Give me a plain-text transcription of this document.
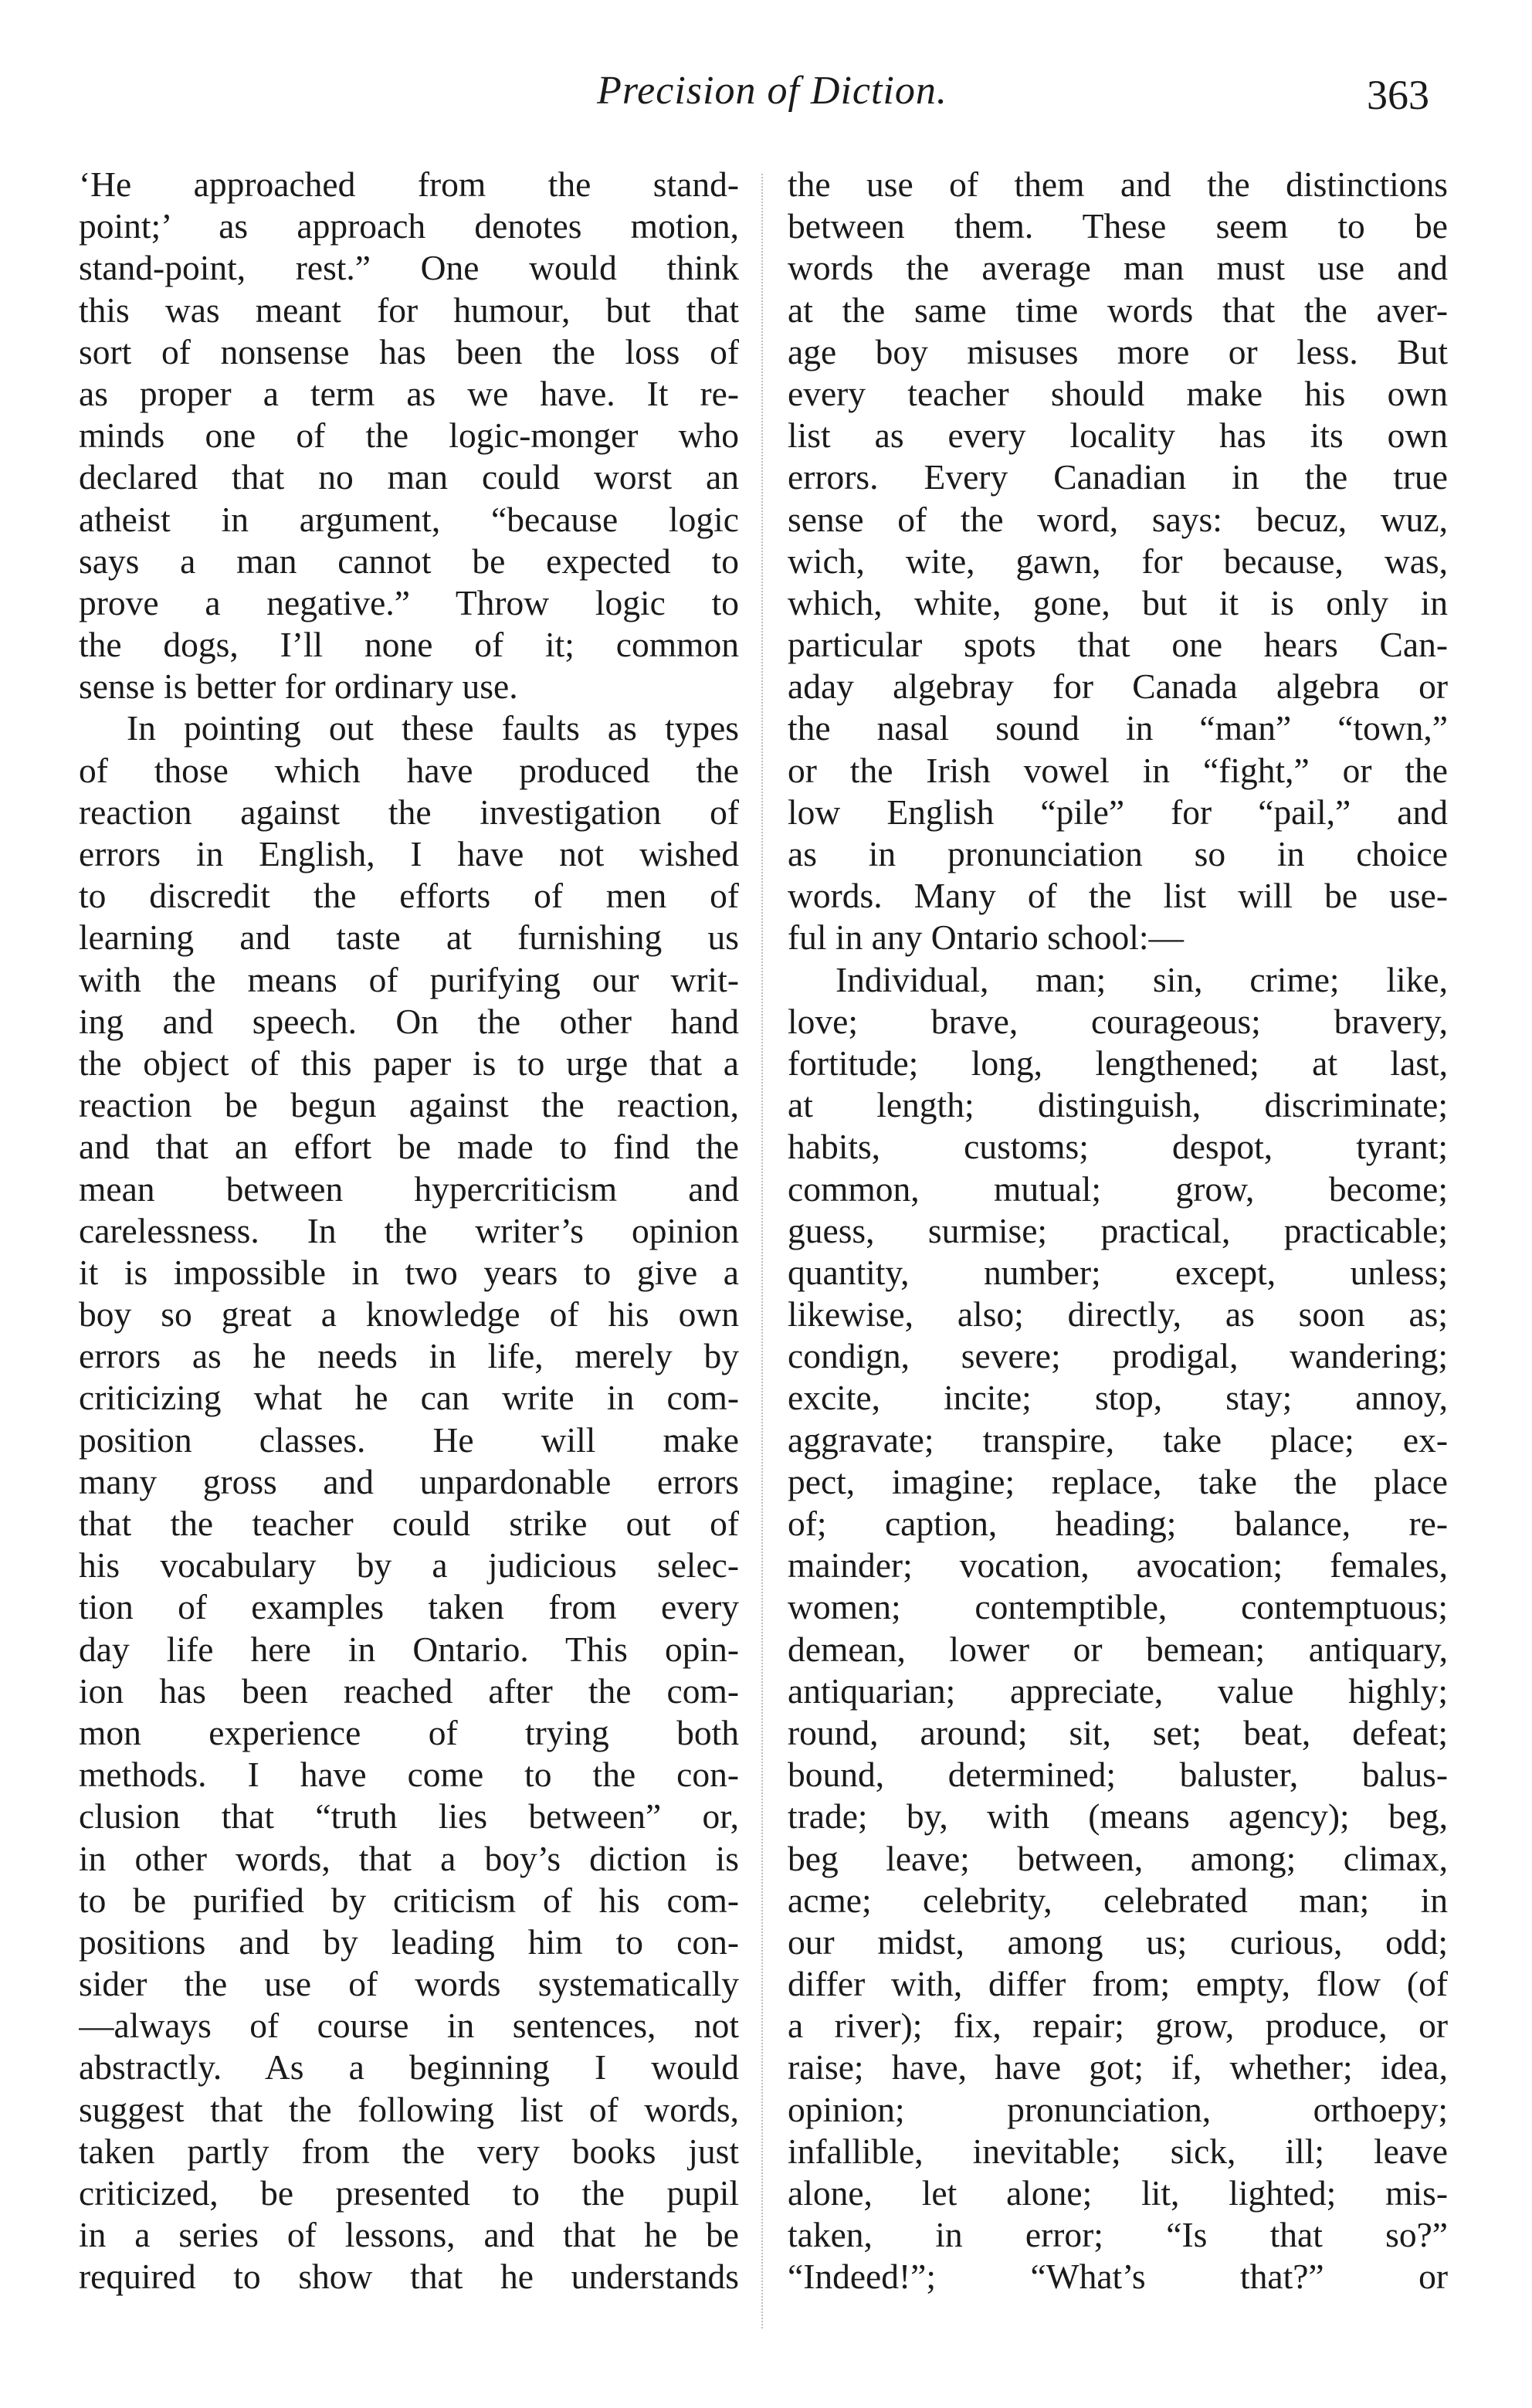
Precision of Diction.	363
‘He approached from the stand-
point;’ as approach denotes motion,
stand-point, rest.” One would think
this was meant for humour, but that
sort of nonsense has been the loss of
as proper a term as we have. It re-
minds one of the logic-monger who
declared that no man could worst an
atheist in argument, “because logic
says a man cannot be expected to
prove a negative.” Throw logic to
the dogs, I’ll none of it; common
sense is better for ordinary use.
In pointing out these faults as types
of those which have produced the
reaction against the investigation of
errors in English, I have not wished
to discredit the efforts of men of
learning and taste at furnishing us
with the means of purifying our writ-
ing and speech. On the other hand
the object of this paper is to urge that a
reaction be begun against the reaction,
and that an effort be made to find the
mean between hypercriticism and
carelessness. In the writer’s opinion
it is impossible in two years to give a
boy so great a knowledge of his own
errors as he needs in life, merely by
criticizing what he can write in com-
position classes. He will make
many gross and unpardonable errors
that the teacher could strike out of
his vocabulary by a judicious selec-
tion of examples taken from every
day life here in Ontario. This opin-
ion has been reached after the com-
mon experience of trying both
methods. I have come to the con-
clusion that “truth lies between” or,
in other words, that a boy’s diction is
to be purified by criticism of his com-
positions and by leading him to con-
sider the use of words systematically
—always of course in sentences, not
abstractly. As a beginning I would
suggest that the following list of words,
taken partly from the very books just
criticized, be presented to the pupil
in a series of lessons, and that he be
required to show that he understands
the use of them and the distinctions
between them. These seem to be
words the average man must use and
at the same time words that the aver-
age boy misuses more or less. But
every teacher should make his own
list as every locality has its own
errors. Every Canadian in the true
sense of the word, says: becuz, wuz,
wich, wite, gawn, for because, was,
which, white, gone, but it is only in
particular spots that one hears Can-
aday algebray for Canada algebra or
the nasal sound in “man” “town,”
or the Irish vowel in “fight,” or the
low English “pile” for “pail,” and
as in pronunciation so in choice
words. Many of the list will be use-
ful in any Ontario school:—
Individual, man; sin, crime; like,
love; brave, courageous; bravery,
fortitude; long, lengthened; at last,
at length; distinguish, discriminate;
habits, customs; despot, tyrant;
common, mutual; grow, become;
guess, surmise; practical, practicable;
quantity, number; except, unless;
likewise, also; directly, as soon as;
condign, severe; prodigal, wandering;
excite, incite; stop, stay; annoy,
aggravate; transpire, take place; ex-
pect, imagine; replace, take the place
of; caption, heading; balance, re-
mainder; vocation, avocation; females,
women; contemptible, contemptuous;
demean, lower or bemean; antiquary,
antiquarian; appreciate, value highly;
round, around; sit, set; beat, defeat;
bound, determined; baluster, balus-
trade; by, with (means agency); beg,
beg leave; between, among; climax,
acme; celebrity, celebrated man; in
our midst, among us; curious, odd;
differ with, differ from; empty, flow (of
a river); fix, repair; grow, produce, or
raise; have, have got; if, whether; idea,
opinion; pronunciation, orthoepy;
infallible, inevitable; sick, ill; leave
alone, let alone; lit, lighted; mis-
taken, in error; “Is that so?”
“Indeed!”; “What’s that?” or
